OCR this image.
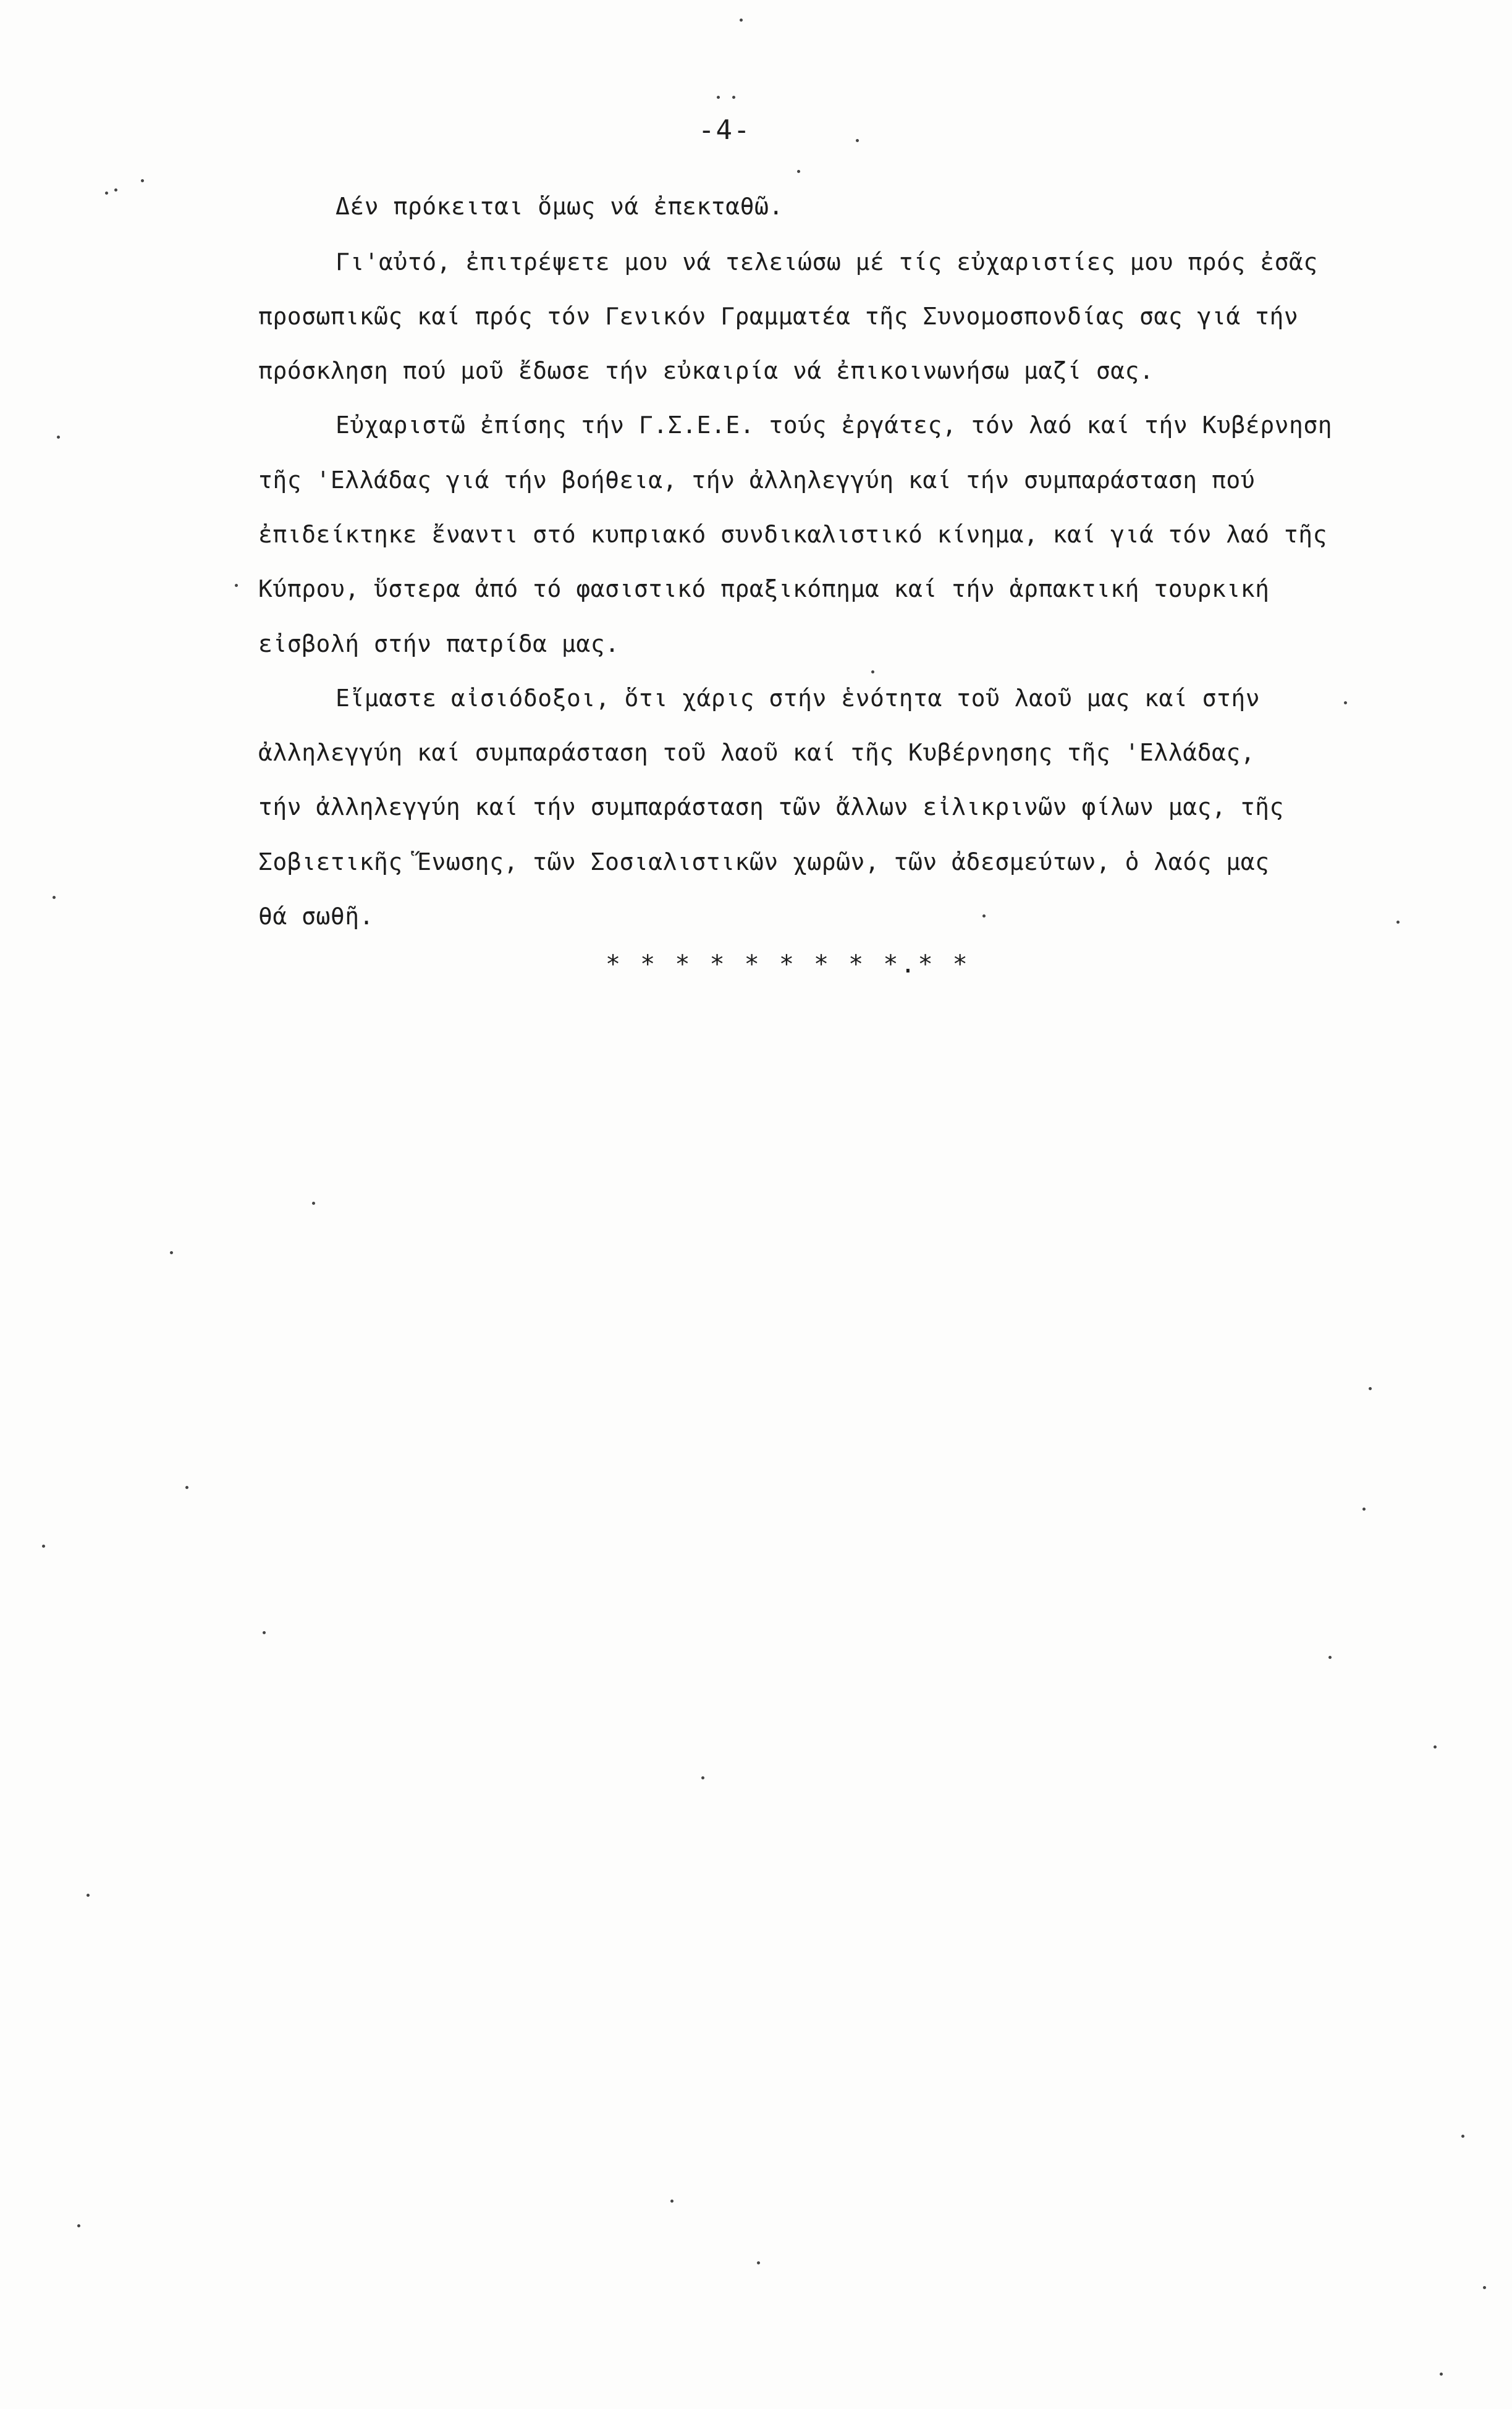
-4-
Δέν πρόκειται ὅμως νά ἐπεκταθῶ.
Γι'αὐτό, ἐπιτρέψετε μου νά τελειώσω μέ τίς εὐχαριστίες μου πρός ἐσᾶς
προσωπικῶς καί πρός τόν Γενικόν Γραμματέα τῆς Συνομοσπονδίας σας γιά τήν
πρόσκληση πού μοῦ ἔδωσε τήν εὐκαιρία νά ἐπικοινωνήσω μαζί σας.
Εὐχαριστῶ ἐπίσης τήν Γ.Σ.Ε.Ε. τούς ἐργάτες, τόν λαό καί τήν Κυβέρνηση
τῆς 'Ελλάδας γιά τήν βοήθεια, τήν ἀλληλεγγύη καί τήν συμπαράσταση πού
ἐπιδείκτηκε ἔναντι στό κυπριακό συνδικαλιστικό κίνημα, καί γιά τόν λαό τῆς
Κύπρου, ὕστερα ἀπό τό φασιστικό πραξικόπημα καί τήν ἁρπακτική τουρκική
εἰσβολή στήν πατρίδα μας.
Εἴμαστε αἰσιόδοξοι, ὅτι χάρις στήν ἑνότητα τοῦ λαοῦ μας καί στήν
ἀλληλεγγύη καί συμπαράσταση τοῦ λαοῦ καί τῆς Κυβέρνησης τῆς 'Ελλάδας,
τήν ἀλληλεγγύη καί τήν συμπαράσταση τῶν ἄλλων εἰλικρινῶν φίλων μας, τῆς
Σοβιετικῆς Ἕνωσης, τῶν Σοσιαλιστικῶν χωρῶν, τῶν ἀδεσμεύτων, ὁ λαός μας
θά σωθῆ.
* * * * * * * * *.* *
